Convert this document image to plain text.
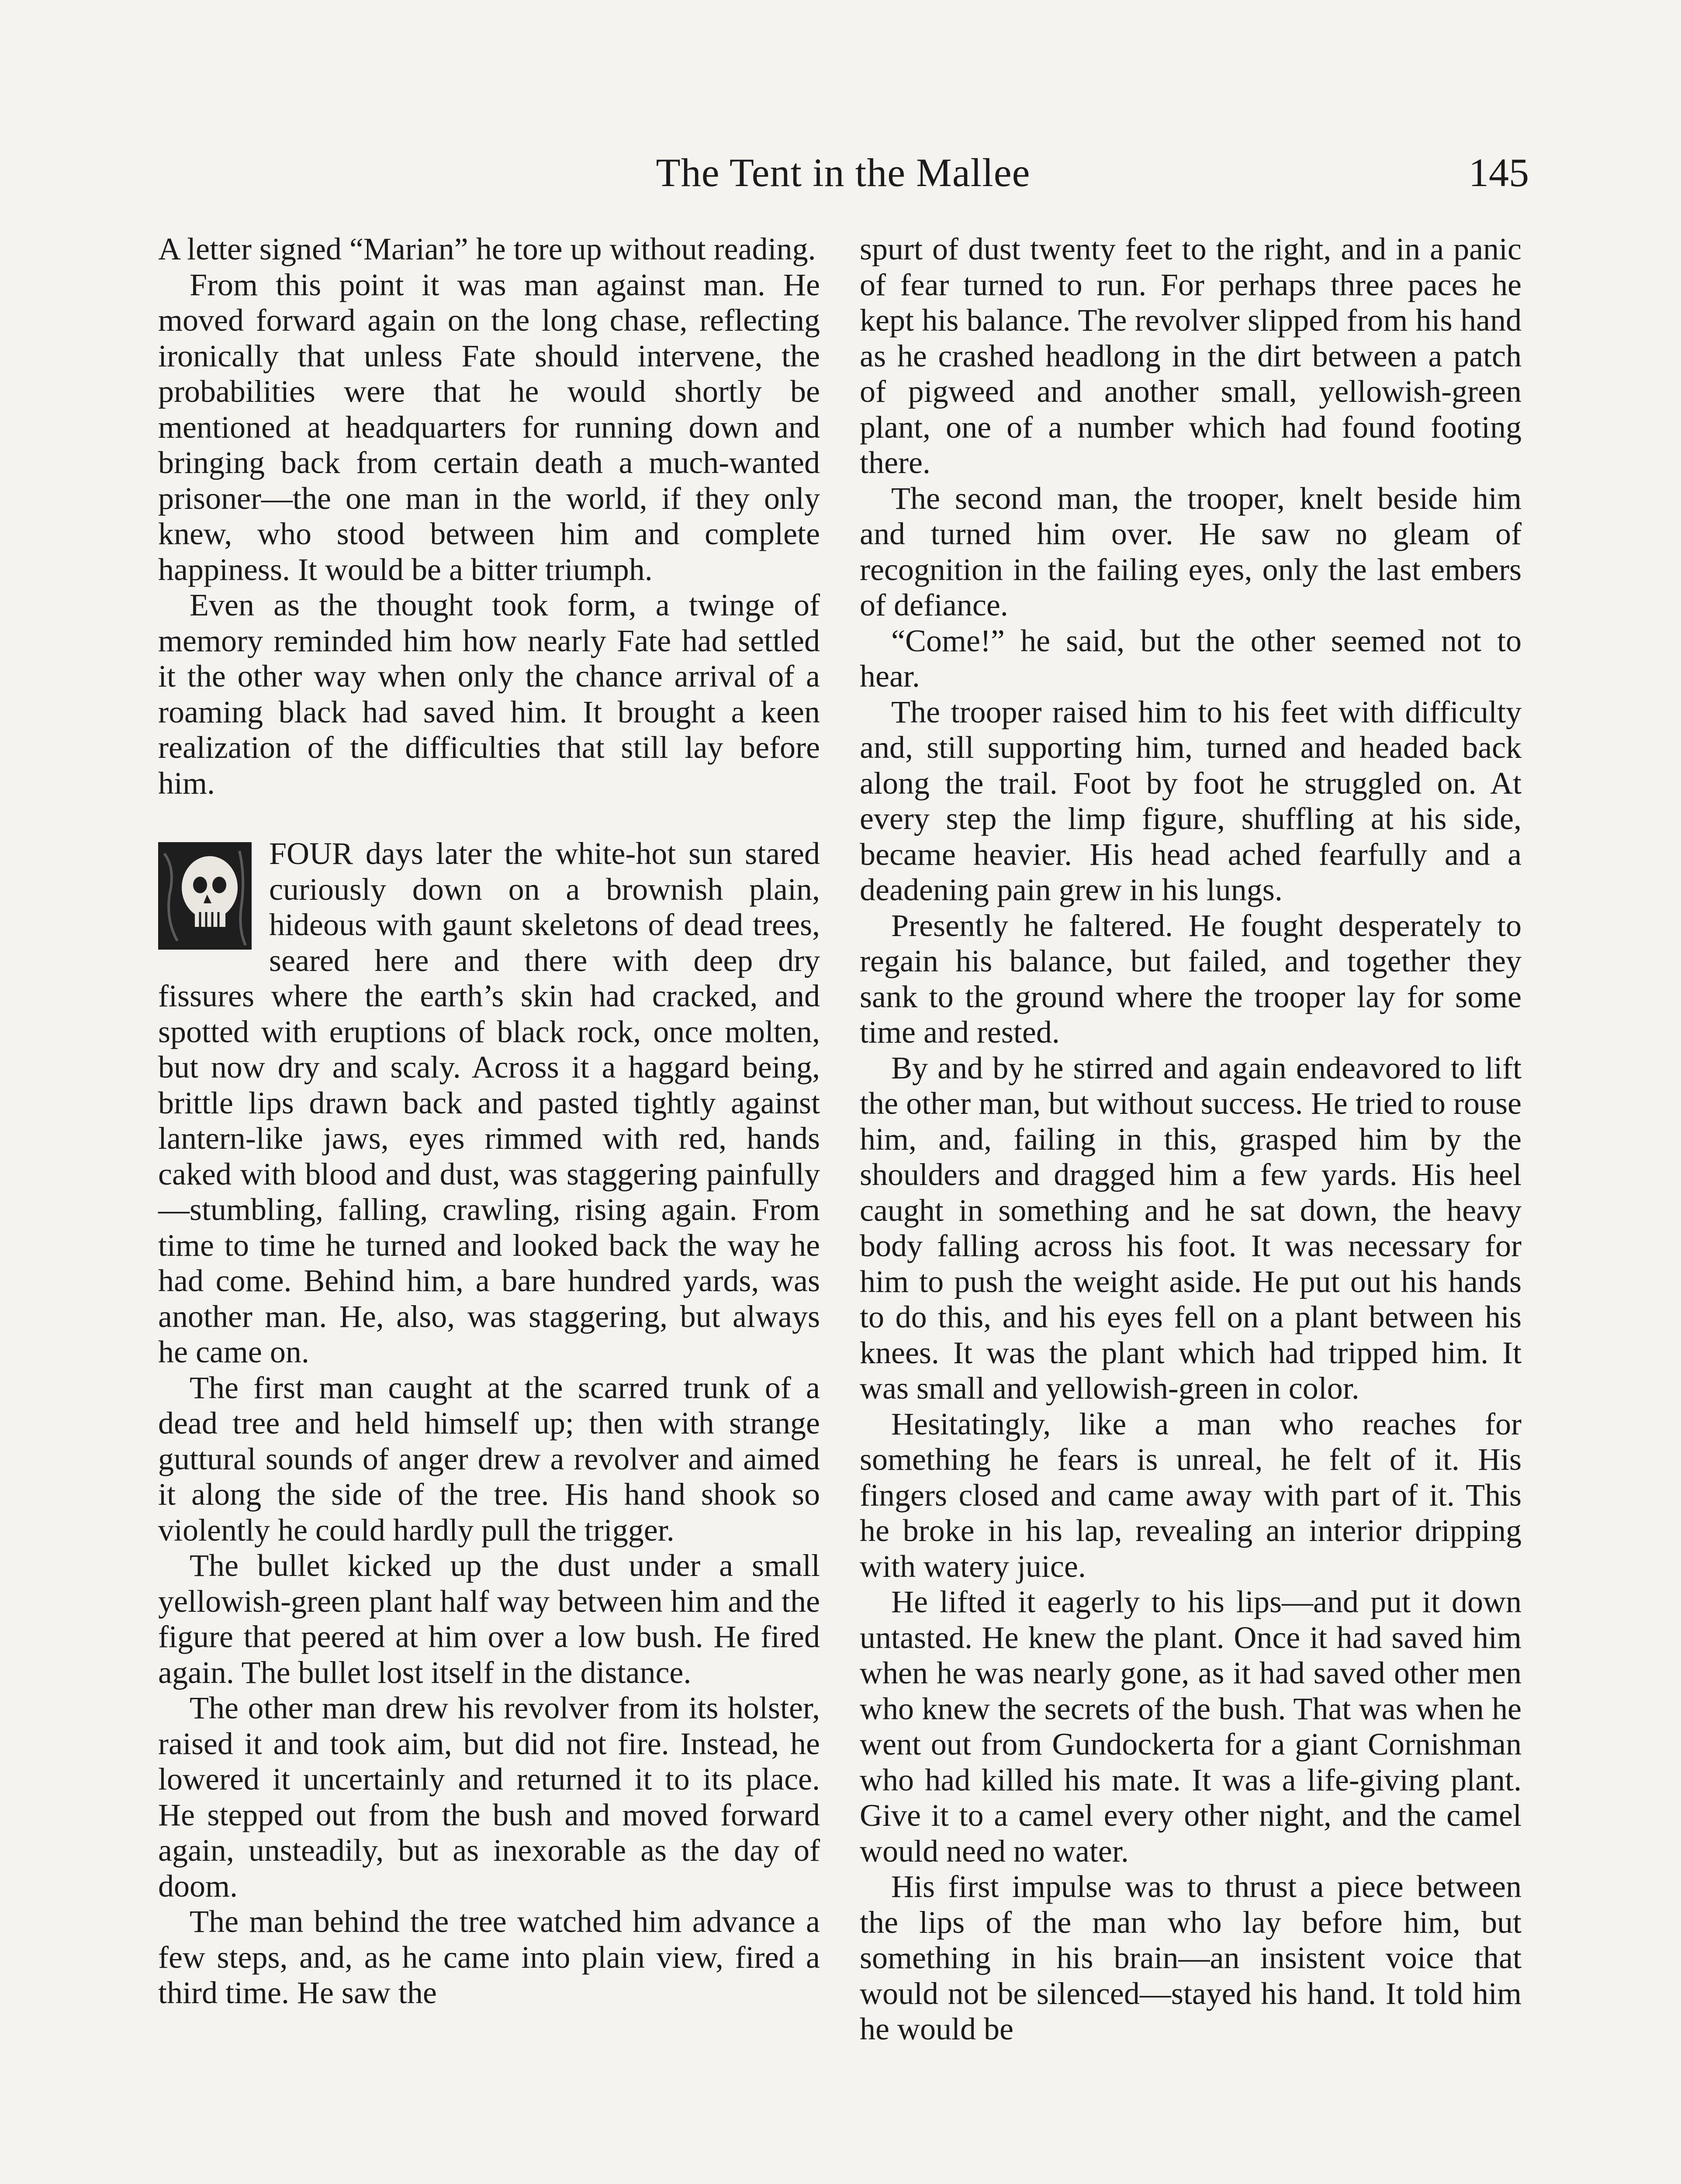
The Tent in the Mallee	145

A letter signed “Marian” he tore up without reading.

From this point it was man against man. He moved forward again on the long chase, reflecting ironically that unless Fate should intervene, the probabilities were that he would shortly be mentioned at headquarters for running down and bringing back from certain death a much-wanted prisoner—the one man in the world, if they only knew, who stood between him and complete happiness. It would be a bitter triumph.

Even as the thought took form, a twinge of memory reminded him how nearly Fate had settled it the other way when only the chance arrival of a roaming black had saved him. It brought a keen realization of the difficulties that still lay before him.

FOUR days later the white-hot sun stared curiously down on a brownish plain, hideous with gaunt skeletons of dead trees, seared here and there with deep dry fissures where the earth’s skin had cracked, and spotted with eruptions of black rock, once molten, but now dry and scaly. Across it a haggard being, brittle lips drawn back and pasted tightly against lantern-like jaws, eyes rimmed with red, hands caked with blood and dust, was staggering painfully—stumbling, falling, crawling, rising again. From time to time he turned and looked back the way he had come. Behind him, a bare hundred yards, was another man. He, also, was staggering, but always he came on.

The first man caught at the scarred trunk of a dead tree and held himself up; then with strange guttural sounds of anger drew a revolver and aimed it along the side of the tree. His hand shook so violently he could hardly pull the trigger.

The bullet kicked up the dust under a small yellowish-green plant half way between him and the figure that peered at him over a low bush. He fired again. The bullet lost itself in the distance.

The other man drew his revolver from its holster, raised it and took aim, but did not fire. Instead, he lowered it uncertainly and returned it to its place. He stepped out from the bush and moved forward again, unsteadily, but as inexorable as the day of doom.

The man behind the tree watched him advance a few steps, and, as he came into plain view, fired a third time. He saw the

spurt of dust twenty feet to the right, and in a panic of fear turned to run. For perhaps three paces he kept his balance. The revolver slipped from his hand as he crashed headlong in the dirt between a patch of pigweed and another small, yellowish-green plant, one of a number which had found footing there.

The second man, the trooper, knelt beside him and turned him over. He saw no gleam of recognition in the failing eyes, only the last embers of defiance.

“Come!” he said, but the other seemed not to hear.

The trooper raised him to his feet with difficulty and, still supporting him, turned and headed back along the trail. Foot by foot he struggled on. At every step the limp figure, shuffling at his side, became heavier. His head ached fearfully and a deadening pain grew in his lungs.

Presently he faltered. He fought desperately to regain his balance, but failed, and together they sank to the ground where the trooper lay for some time and rested.

By and by he stirred and again endeavored to lift the other man, but without success. He tried to rouse him, and, failing in this, grasped him by the shoulders and dragged him a few yards. His heel caught in something and he sat down, the heavy body falling across his foot. It was necessary for him to push the weight aside. He put out his hands to do this, and his eyes fell on a plant between his knees. It was the plant which had tripped him. It was small and yellowish-green in color.

Hesitatingly, like a man who reaches for something he fears is unreal, he felt of it. His fingers closed and came away with part of it. This he broke in his lap, revealing an interior dripping with watery juice.

He lifted it eagerly to his lips—and put it down untasted. He knew the plant. Once it had saved him when he was nearly gone, as it had saved other men who knew the secrets of the bush. That was when he went out from Gundockerta for a giant Cornishman who had killed his mate. It was a life-giving plant. Give it to a camel every other night, and the camel would need no water.

His first impulse was to thrust a piece between the lips of the man who lay before him, but something in his brain—an insistent voice that would not be silenced—stayed his hand. It told him he would be
